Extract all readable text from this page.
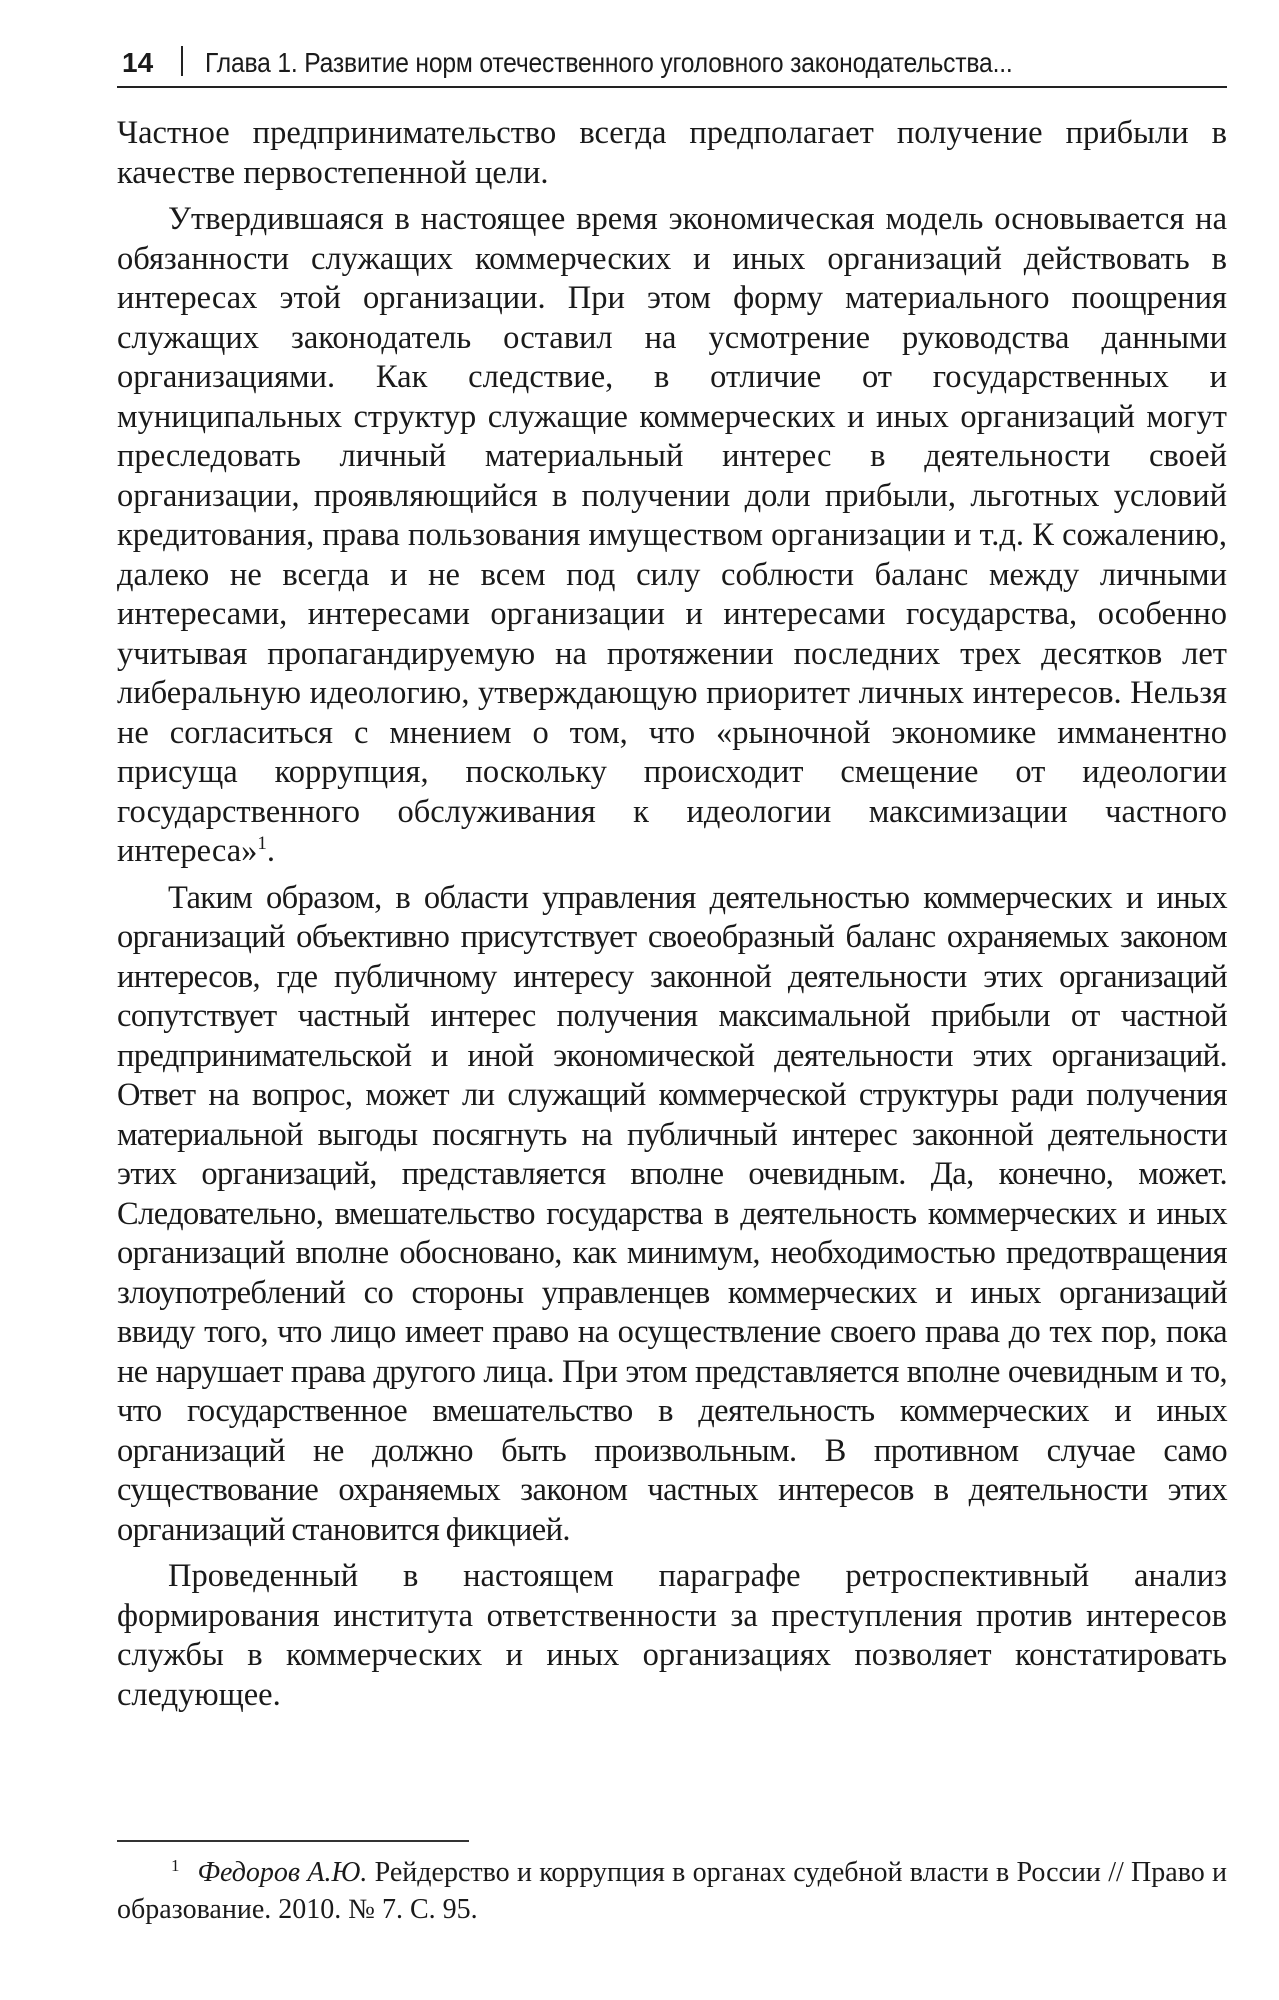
14 Глава 1. Развитие норм отечественного уголовного законодательства...

Частное предпринимательство всегда предполагает получение прибыли в качестве первостепенной цели.

Утвердившаяся в настоящее время экономическая модель основывается на обязанности служащих коммерческих и иных организаций действовать в интересах этой организации. При этом форму материального поощрения служащих законодатель оставил на усмотрение руководства данными организациями. Как следствие, в отличие от государственных и муниципальных структур служащие коммерческих и иных организаций могут преследовать личный материальный интерес в деятельности своей организации, проявляющийся в получении доли прибыли, льготных условий кредитования, права пользования имуществом организации и т.д. К сожалению, далеко не всегда и не всем под силу соблюсти баланс между личными интересами, интересами организации и интересами государства, особенно учитывая пропагандируемую на протяжении последних трех десятков лет либеральную идеологию, утверждающую приоритет личных интересов. Нельзя не согласиться с мнением о том, что «рыночной экономике имманентно присуща коррупция, поскольку происходит смещение от идеологии государственного обслуживания к идеологии максимизации частного интереса»$^1$.

Таким образом, в области управления деятельностью коммерческих и иных организаций объективно присутствует своеобразный баланс охраняемых законом интересов, где публичному интересу законной деятельности этих организаций сопутствует частный интерес получения максимальной прибыли от частной предпринимательской и иной экономической деятельности этих организаций. Ответ на вопрос, может ли служащий коммерческой структуры ради получения материальной выгоды посягнуть на публичный интерес законной деятельности этих организаций, представляется вполне очевидным. Да, конечно, может. Следовательно, вмешательство государства в деятельность коммерческих и иных организаций вполне обосновано, как минимум, необходимостью предотвращения злоупотреблений со стороны управленцев коммерческих и иных организаций ввиду того, что лицо имеет право на осуществление своего права до тех пор, пока не нарушает права другого лица. При этом представляется вполне очевидным и то, что государственное вмешательство в деятельность коммерческих и иных организаций не должно быть произвольным. В противном случае само существование охраняемых законом частных интересов в деятельности этих организаций становится фикцией.

Проведенный в настоящем параграфе ретроспективный анализ формирования института ответственности за преступления против интересов службы в коммерческих и иных организациях позволяет констатировать следующее.

$^1$ Федоров А.Ю. Рейдерство и коррупция в органах судебной власти в России // Право и образование. 2010. № 7. С. 95.
